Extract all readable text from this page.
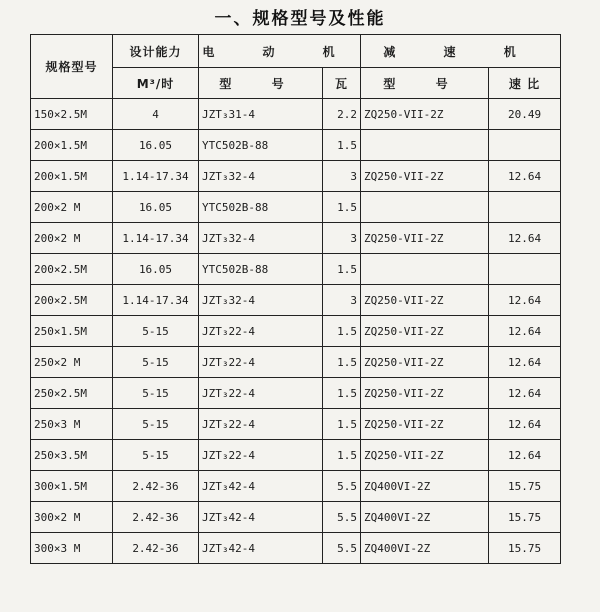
一、规格型号及性能
规格型号	设计能力	电 动 机		减 速 机	
	M³/时	型 号	瓦	型 号	速 比
150×2.5M	4	JZT₃31-4	2.2	ZQ250-VII-2Z	20.49
200×1.5M	16.05	YTC502B-88	1.5		
200×1.5M	1.14-17.34	JZT₃32-4	3	ZQ250-VII-2Z	12.64
200×2 M	16.05	YTC502B-88	1.5		
200×2 M	1.14-17.34	JZT₃32-4	3	ZQ250-VII-2Z	12.64
200×2.5M	16.05	YTC502B-88	1.5		
200×2.5M	1.14-17.34	JZT₃32-4	3	ZQ250-VII-2Z	12.64
250×1.5M	5-15	JZT₃22-4	1.5	ZQ250-VII-2Z	12.64
250×2 M	5-15	JZT₃22-4	1.5	ZQ250-VII-2Z	12.64
250×2.5M	5-15	JZT₃22-4	1.5	ZQ250-VII-2Z	12.64
250×3 M	5-15	JZT₃22-4	1.5	ZQ250-VII-2Z	12.64
250×3.5M	5-15	JZT₃22-4	1.5	ZQ250-VII-2Z	12.64
300×1.5M	2.42-36	JZT₃42-4	5.5	ZQ400VI-2Z	15.75
300×2 M	2.42-36	JZT₃42-4	5.5	ZQ400VI-2Z	15.75
300×3 M	2.42-36	JZT₃42-4	5.5	ZQ400VI-2Z	15.75
